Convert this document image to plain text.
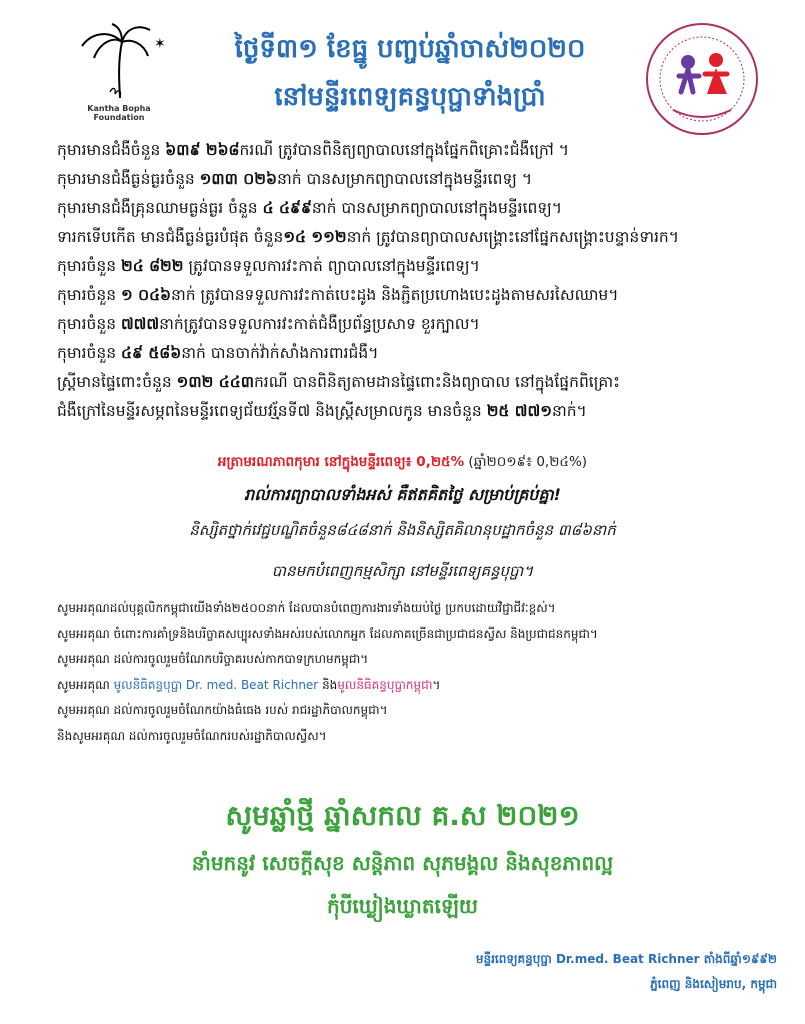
✶
Kantha Bopha
Foundation
ថ្ងៃទី៣១ ខែធ្នូ បញ្ចប់ឆ្នាំចាស់២០២០
នៅមន្ទីរពេទ្យគន្ធបុប្ផាទាំងប្រាំ
កុមារមានជំងឺចំនួន ៦៣៩ ២៦៨ករណី ត្រូវបានពិនិត្យព្យាបាលនៅក្នុងផ្នែកពិគ្រោះជំងឺក្រៅ ។
កុមារមានជំងឺធ្ងន់ធ្ងរចំនួន ១៣៣ ០២៦នាក់ បានសម្រាកព្យាបាលនៅក្នុងមន្ទីរពេទ្យ ។
កុមារមានជំងឺគ្រុនឈាមធ្ងន់ធ្ងរ ចំនួន ៤ ៤៩៩នាក់ បានសម្រាកព្យាបាលនៅក្នុងមន្ទីរពេទ្យ។
ទារកទើបកើត មានជំងឺធ្ងន់ធ្ងរបំផុត ចំនួន១៤ ១១២នាក់ ត្រូវបានព្យាបាលសង្គ្រោះនៅផ្នែកសង្គ្រោះបន្ទាន់ទារក។
កុមារចំនួន ២៤ ៨២២ ត្រូវបានទទួលការវះកាត់ ព្យាបាលនៅក្នុងមន្ទីរពេទ្យ។
កុមារចំនួន ១ ០៤៦នាក់ ត្រូវបានទទួលការវះកាត់បេះដូង និងភ្ជិតប្រហោងបេះដូងតាមសរសៃឈាម។
កុមារចំនួន ៧៧៧នាក់ត្រូវបានទទួលការវះកាត់ជំងឺប្រព័ន្ធប្រសាទ ខួរក្បាល។
កុមារចំនួន ៤៩ ៥៨៦នាក់ បានចាក់វ៉ាក់សាំងការពារជំងឺ។
ស្ត្រីមានផ្ទៃពោះចំនួន ១៣២ ៤៤៣ករណី បានពិនិត្យតាមដានផ្ទៃពោះនិងព្យាបាល នៅក្នុងផ្នែកពិគ្រោះ
ជំងឺក្រៅនៃមន្ទីរសម្ភពនៃមន្ទីរពេទ្យជ័យវរ្ម័នទី៧ និងស្ត្រីសម្រាលកូន មានចំនួន ២៥ ៧៧១នាក់។
អត្រាមរណភាពកុមារ នៅក្នុងមន្ទីរពេទ្យ៖ 0,២៥% (ឆ្នាំ២០១៩៖ 0,២៤%)
រាល់ការព្យាបាលទាំងអស់ គឺឥតគិតថ្លៃ សម្រាប់គ្រប់គ្នា!
និស្សិតថ្នាក់វេជ្ជបណ្ឌិតចំនួន៨៤៨នាក់ និងនិស្សិតគិលានុបដ្ឋាកចំនួន ៣៨៦នាក់
បានមកបំពេញកម្មសិក្សា នៅមន្ទីរពេទ្យគន្ធបុប្ផា។
សូមអរគុណដល់បុគ្គលិកកម្ពុជាយើងទាំង២៥០០នាក់ ដែលបានបំពេញការងារទាំងយប់ថ្ងៃ ប្រកបដោយវិជ្ជាជីវៈខ្ពស់។
សូមអរគុណ ចំពោះការគាំទ្រនិងបរិច្ចាគសប្បុរសទាំងអស់របស់លោកអ្នក ដែលភាគច្រើនជាប្រជាជនស្វីស និងប្រជាជនកម្ពុជា។
សូមអរគុណ ដល់ការចូលរួមចំណែកបរិច្ចាគរបស់កាកបាទក្រហមកម្ពុជា។
សូមអរគុណ មូលនិធិគន្ធបុប្ផា Dr. med. Beat Richner និងមូលនិធិគន្ធបុប្ផាកម្ពុជា។
សូមអរគុណ ដល់ការចូលរួមចំណែកយ៉ាងធំធេង របស់ រាជរដ្ឋាភិបាលកម្ពុជា។
និងសូមអរគុណ ដល់ការចូលរួមចំណែករបស់រដ្ឋាភិបាលស្វីស។
សូមឆ្លាំថ្មី ឆ្នាំសកល គ.ស ២០២១
នាំមកនូវ សេចក្ដីសុខ សន្តិភាព សុភមង្គល និងសុខភាពល្អ
កុំបីឃ្លៀងឃ្លាតឡើយ
មន្ទីរពេទ្យគន្ធបុប្ផា Dr.med. Beat Richner តាំងពីឆ្នាំ១៩៩២
ភ្នំពេញ និងសៀមរាប, កម្ពុជា
